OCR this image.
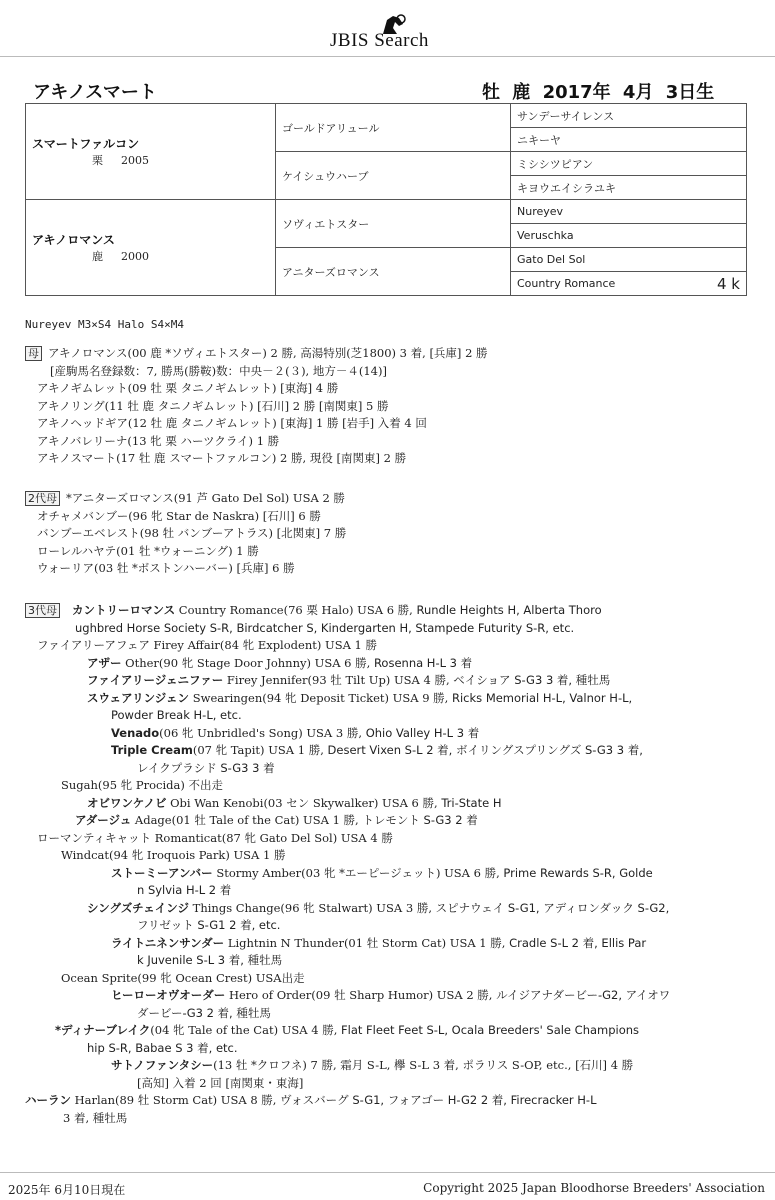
JBIS Search
アキノスマート	牡 鹿 2017年 4月 3日生
スマートファルコン
栗 2005	ゴールドアリュール	サンデーサイレンス
		ニキーヤ
	ケイシュウハーブ	ミシシツピアン
		キヨウエイシラユキ

アキノロマンス
鹿 2000	ソヴィエトスター	Nureyev
		Veruschka
	アニターズロマンス	Gato Del Sol

		Country Romance 4 k
Nureyev M3×S4 Halo S4×M4
母 アキノロマンス(00 鹿 *ソヴィエトスター) 2 勝, 高湯特別(芝1800) 3 着, [兵庫] 2 勝
[産駒馬名登録数：7, 勝馬(勝鞍)数：中央－２(３), 地方－４(14)]
アキノギムレット(09 牡 栗 タニノギムレット) [東海] 4 勝
アキノリング(11 牡 鹿 タニノギムレット) [石川] 2 勝 [南関東] 5 勝
アキノヘッドギア(12 牡 鹿 タニノギムレット) [東海] 1 勝 [岩手] 入着 4 回
アキノバレリーナ(13 牝 栗 ハーツクライ) 1 勝
アキノスマート(17 牡 鹿 スマートファルコン) 2 勝, 現役 [南関東] 2 勝
2代母 *アニターズロマンス(91 芦 Gato Del Sol) USA 2 勝
オチャメバンブー(96 牝 Star de Naskra) [石川] 6 勝
バンブーエベレスト(98 牡 バンブーアトラス) [北関東] 7 勝
ローレルハヤテ(01 牡 *ウォーニング) 1 勝
ウォーリア(03 牡 *ボストンハーバー) [兵庫] 6 勝
3代母 カントリーロマンス Country Romance(76 栗 Halo) USA 6 勝, Rundle Heights H, Alberta Thoro
ughbred Horse Society S-R, Birdcatcher S, Kindergarten H, Stampede Futurity S-R, etc.
ファイアリーアフェア Firey Affair(84 牝 Explodent) USA 1 勝
アザー Other(90 牝 Stage Door Johnny) USA 6 勝, Rosenna H-L 3 着
ファイアリージェニファー Firey Jennifer(93 牡 Tilt Up) USA 4 勝, ベイショア S-G3 3 着, 種牡馬
スウェアリンジェン Swearingen(94 牝 Deposit Ticket) USA 9 勝, Ricks Memorial H-L, Valnor H-L,
Powder Break H-L, etc.
Venado(06 牝 Unbridled's Song) USA 3 勝, Ohio Valley H-L 3 着
Triple Cream(07 牝 Tapit) USA 1 勝, Desert Vixen S-L 2 着, ボイリングスプリングズ S-G3 3 着,
レイクプラシド S-G3 3 着
Sugah(95 牝 Procida) 不出走
オビワンケノビ Obi Wan Kenobi(03 セン Skywalker) USA 6 勝, Tri-State H
アダージュ Adage(01 牡 Tale of the Cat) USA 1 勝, トレモント S-G3 2 着
ローマンティキャット Romanticat(87 牝 Gato Del Sol) USA 4 勝
Windcat(94 牝 Iroquois Park) USA 1 勝
ストーミーアンバー Stormy Amber(03 牝 *エーピージェット) USA 6 勝, Prime Rewards S-R, Golde
n Sylvia H-L 2 着
シングズチェインジ Things Change(96 牝 Stalwart) USA 3 勝, スピナウェイ S-G1, アディロンダック S-G2,
フリゼット S-G1 2 着, etc.
ライトニネンサンダー Lightnin N Thunder(01 牡 Storm Cat) USA 1 勝, Cradle S-L 2 着, Ellis Par
k Juvenile S-L 3 着, 種牡馬
Ocean Sprite(99 牝 Ocean Crest) USA出走
ヒーローオヴオーダー Hero of Order(09 牡 Sharp Humor) USA 2 勝, ルイジアナダービー-G2, アイオワ
ダービー-G3 2 着, 種牡馬
*ディナーブレイク(04 牝 Tale of the Cat) USA 4 勝, Flat Fleet Feet S-L, Ocala Breeders' Sale Champions
hip S-R, Babae S 3 着, etc.
サトノファンタシー(13 牡 *クロフネ) 7 勝, 霜月 S-L, 欅 S-L 3 着, ポラリス S-OP, etc., [石川] 4 勝
[高知] 入着 2 回 [南関東・東海]
ハーラン Harlan(89 牡 Storm Cat) USA 8 勝, ヴォスバーグ S-G1, フォアゴー H-G2 2 着, Firecracker H-L
3 着, 種牡馬
2025年 6月10日現在	Copyright 2025 Japan Bloodhorse Breeders' Association
